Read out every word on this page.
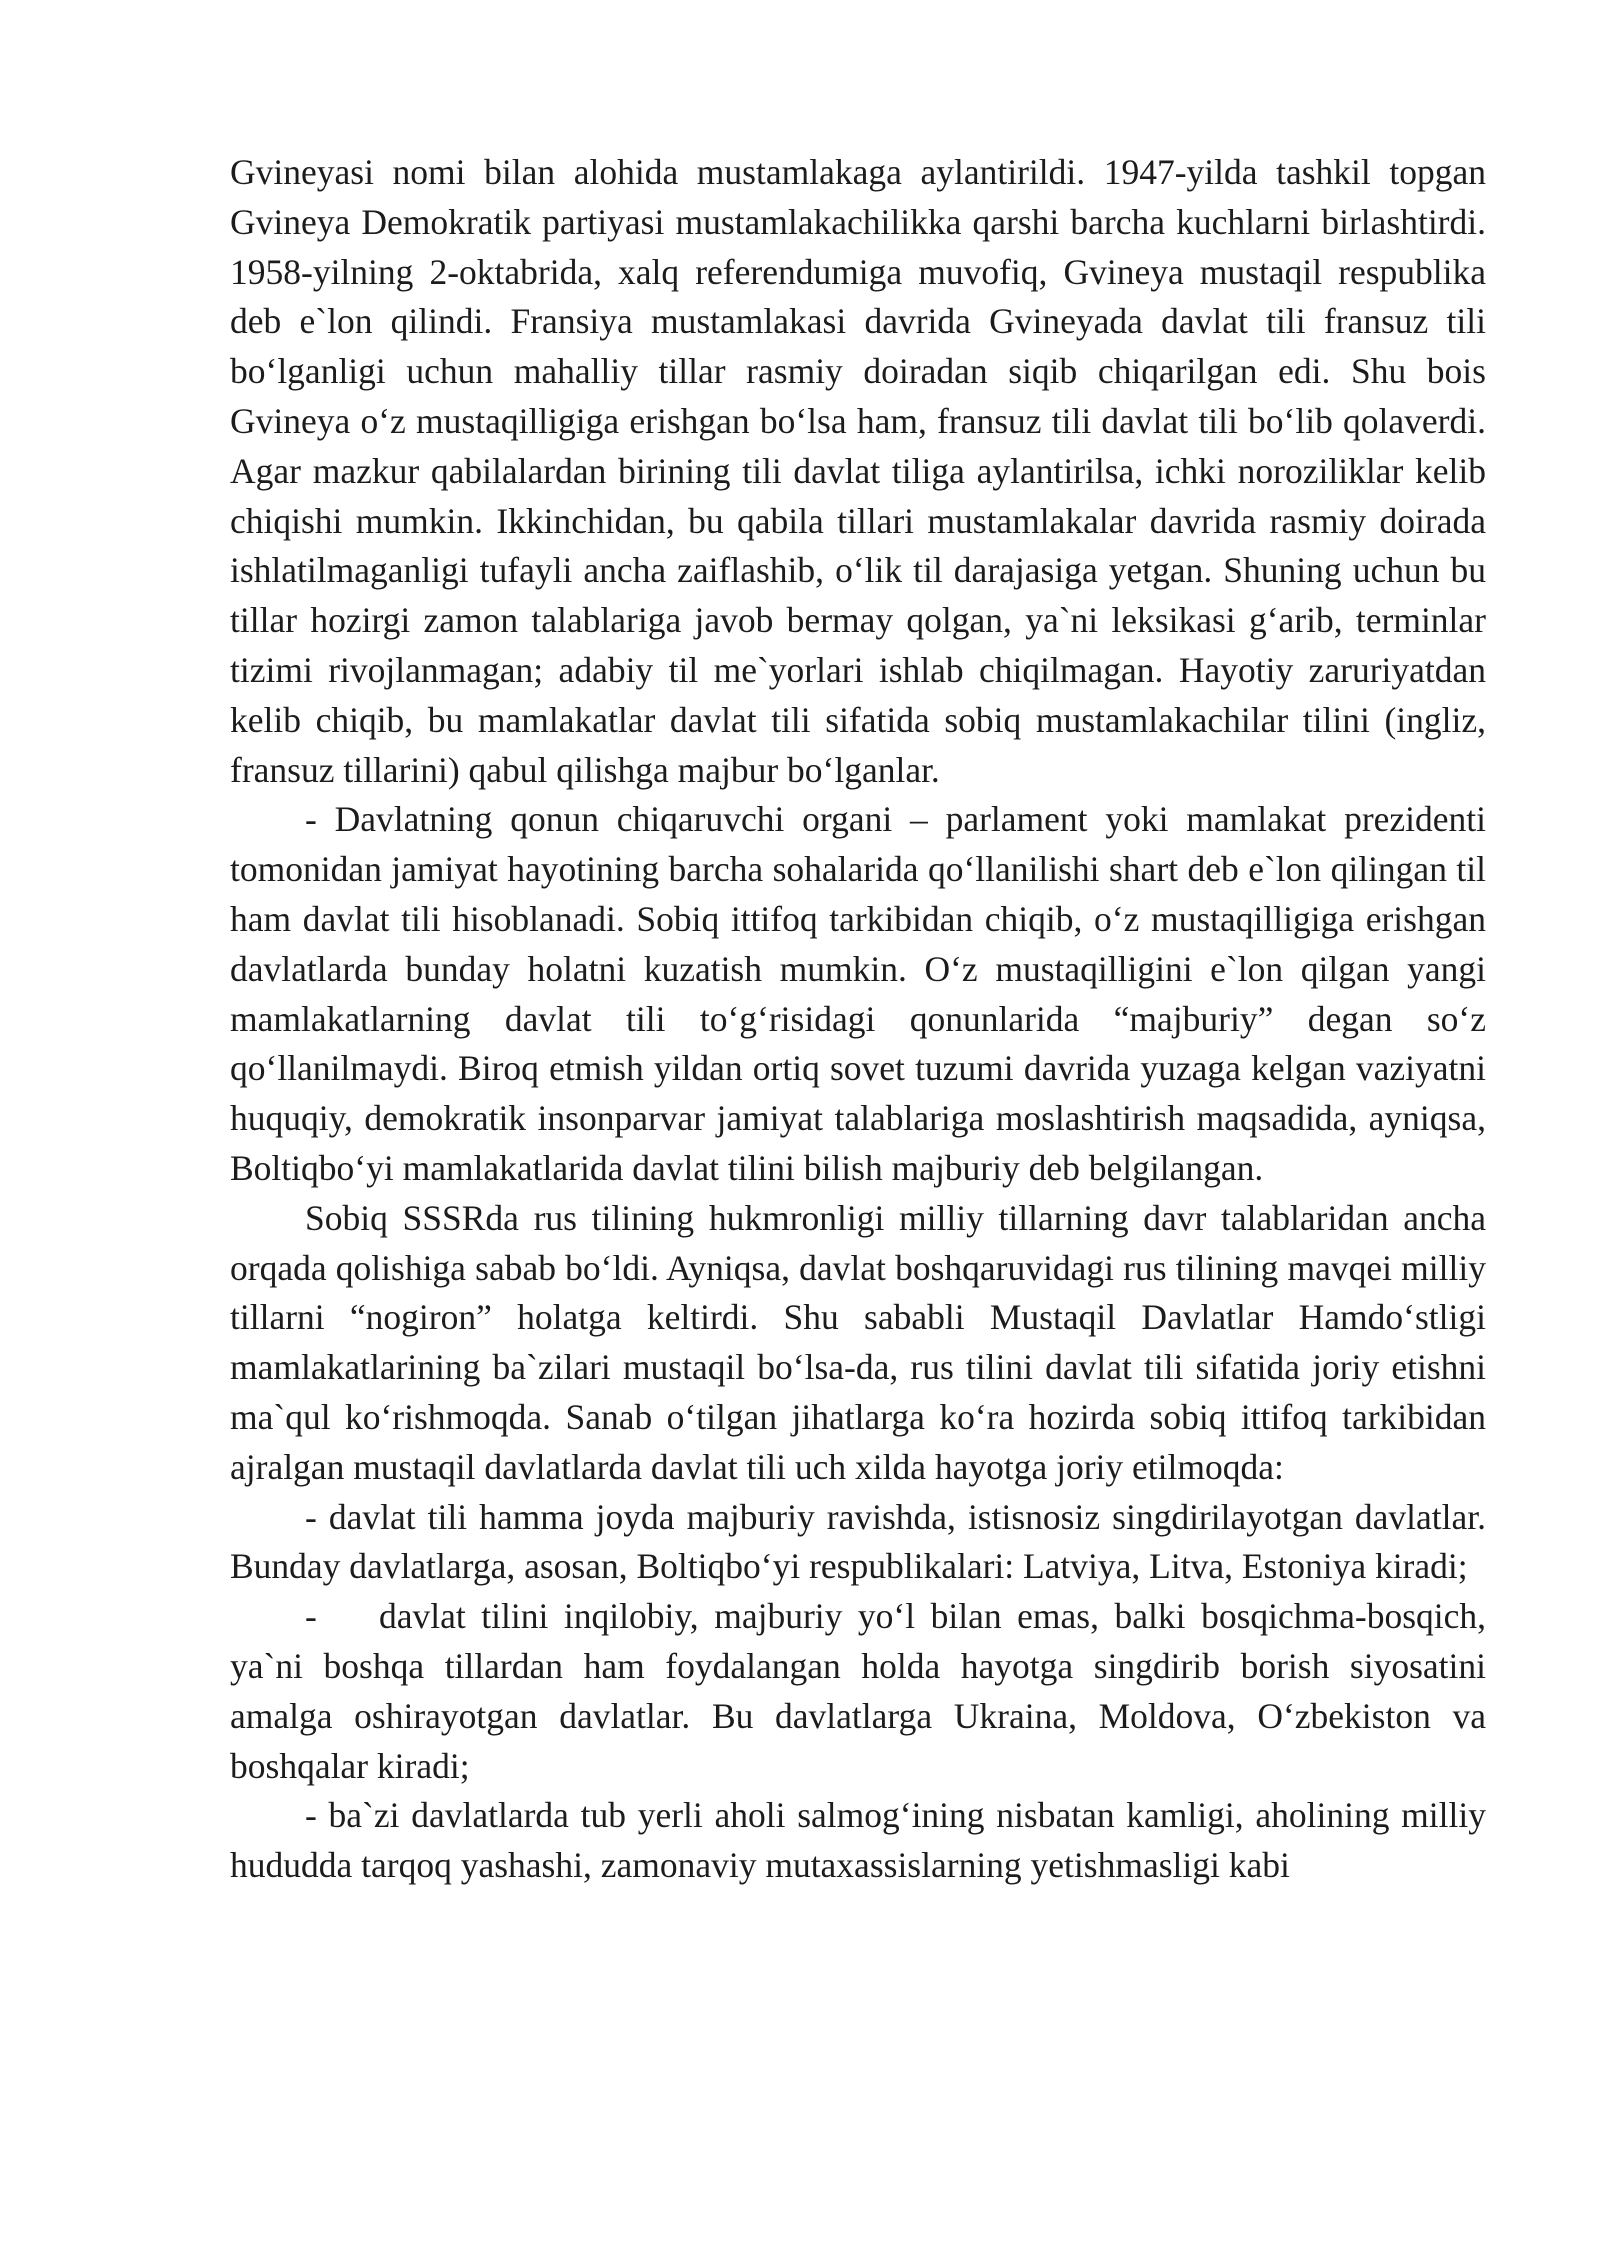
Gvineyasi nomi bilan alohida mustamlakaga aylantirildi. 1947-yilda tashkil topgan Gvineya Demokratik partiyasi mustamlakachilikka qarshi barcha kuchlarni birlashtirdi. 1958-yilning 2-oktabrida, xalq referendumiga muvofiq, Gvineya mustaqil respublika deb e`lon qilindi. Fransiya mustamlakasi davrida Gvineyada davlat tili fransuz tili bo‘lganligi uchun mahalliy tillar rasmiy doiradan siqib chiqarilgan edi. Shu bois Gvineya o‘z mustaqilligiga erishgan bo‘lsa ham, fransuz tili davlat tili bo‘lib qolaverdi. Agar mazkur qabilalardan birining tili davlat tiliga aylantirilsa, ichki noroziliklar kelib chiqishi mumkin. Ikkinchidan, bu qabila tillari mustamlakalar davrida rasmiy doirada ishlatilmaganligi tufayli ancha zaiflashib, o‘lik til darajasiga yetgan. Shuning uchun bu tillar hozirgi zamon talablariga javob bermay qolgan, ya`ni leksikasi g‘arib, terminlar tizimi rivojlanmagan; adabiy til me`yorlari ishlab chiqilmagan. Hayotiy zaruriyatdan kelib chiqib, bu mamlakatlar davlat tili sifatida sobiq mustamlakachilar tilini (ingliz, fransuz tillarini) qabul qilishga majbur bo‘lganlar.

- Davlatning qonun chiqaruvchi organi – parlament yoki mamlakat prezidenti tomonidan jamiyat hayotining barcha sohalarida qo‘llanilishi shart deb e`lon qilingan til ham davlat tili hisoblanadi. Sobiq ittifoq tarkibidan chiqib, o‘z mustaqilligiga erishgan davlatlarda bunday holatni kuzatish mumkin. O‘z mustaqilligini e`lon qilgan yangi mamlakatlarning davlat tili to‘g‘risidagi qonunlarida “majburiy” degan so‘z qo‘llanilmaydi. Biroq etmish yildan ortiq sovet tuzumi davrida yuzaga kelgan vaziyatni huquqiy, demokratik insonparvar jamiyat talablariga moslashtirish maqsadida, ayniqsa, Boltiqbo‘yi mamlakatlarida davlat tilini bilish majburiy deb belgilangan.

Sobiq SSSRda rus tilining hukmronligi milliy tillarning davr talablaridan ancha orqada qolishiga sabab bo‘ldi. Ayniqsa, davlat boshqaruvidagi rus tilining mavqei milliy tillarni “nogiron” holatga keltirdi. Shu sababli Mustaqil Davlatlar Hamdo‘stligi mamlakatlarining ba`zilari mustaqil bo‘lsa-da, rus tilini davlat tili sifatida joriy etishni ma`qul ko‘rishmoqda. Sanab o‘tilgan jihatlarga ko‘ra hozirda sobiq ittifoq tarkibidan ajralgan mustaqil davlatlarda davlat tili uch xilda hayotga joriy etilmoqda:

- davlat tili hamma joyda majburiy ravishda, istisnosiz singdirilayotgan davlatlar. Bunday davlatlarga, asosan, Boltiqbo‘yi respublikalari: Latviya, Litva, Estoniya kiradi;

-    davlat tilini inqilobiy, majburiy yo‘l bilan emas, balki bosqichma-bosqich, ya`ni boshqa tillardan ham foydalangan holda hayotga singdirib borish siyosatini amalga oshirayotgan davlatlar. Bu davlatlarga Ukraina, Moldova, O‘zbekiston va boshqalar kiradi;

- ba`zi davlatlarda tub yerli aholi salmog‘ining nisbatan kamligi, aholining milliy hududda tarqoq yashashi, zamonaviy mutaxassislarning yetishmasligi kabi
